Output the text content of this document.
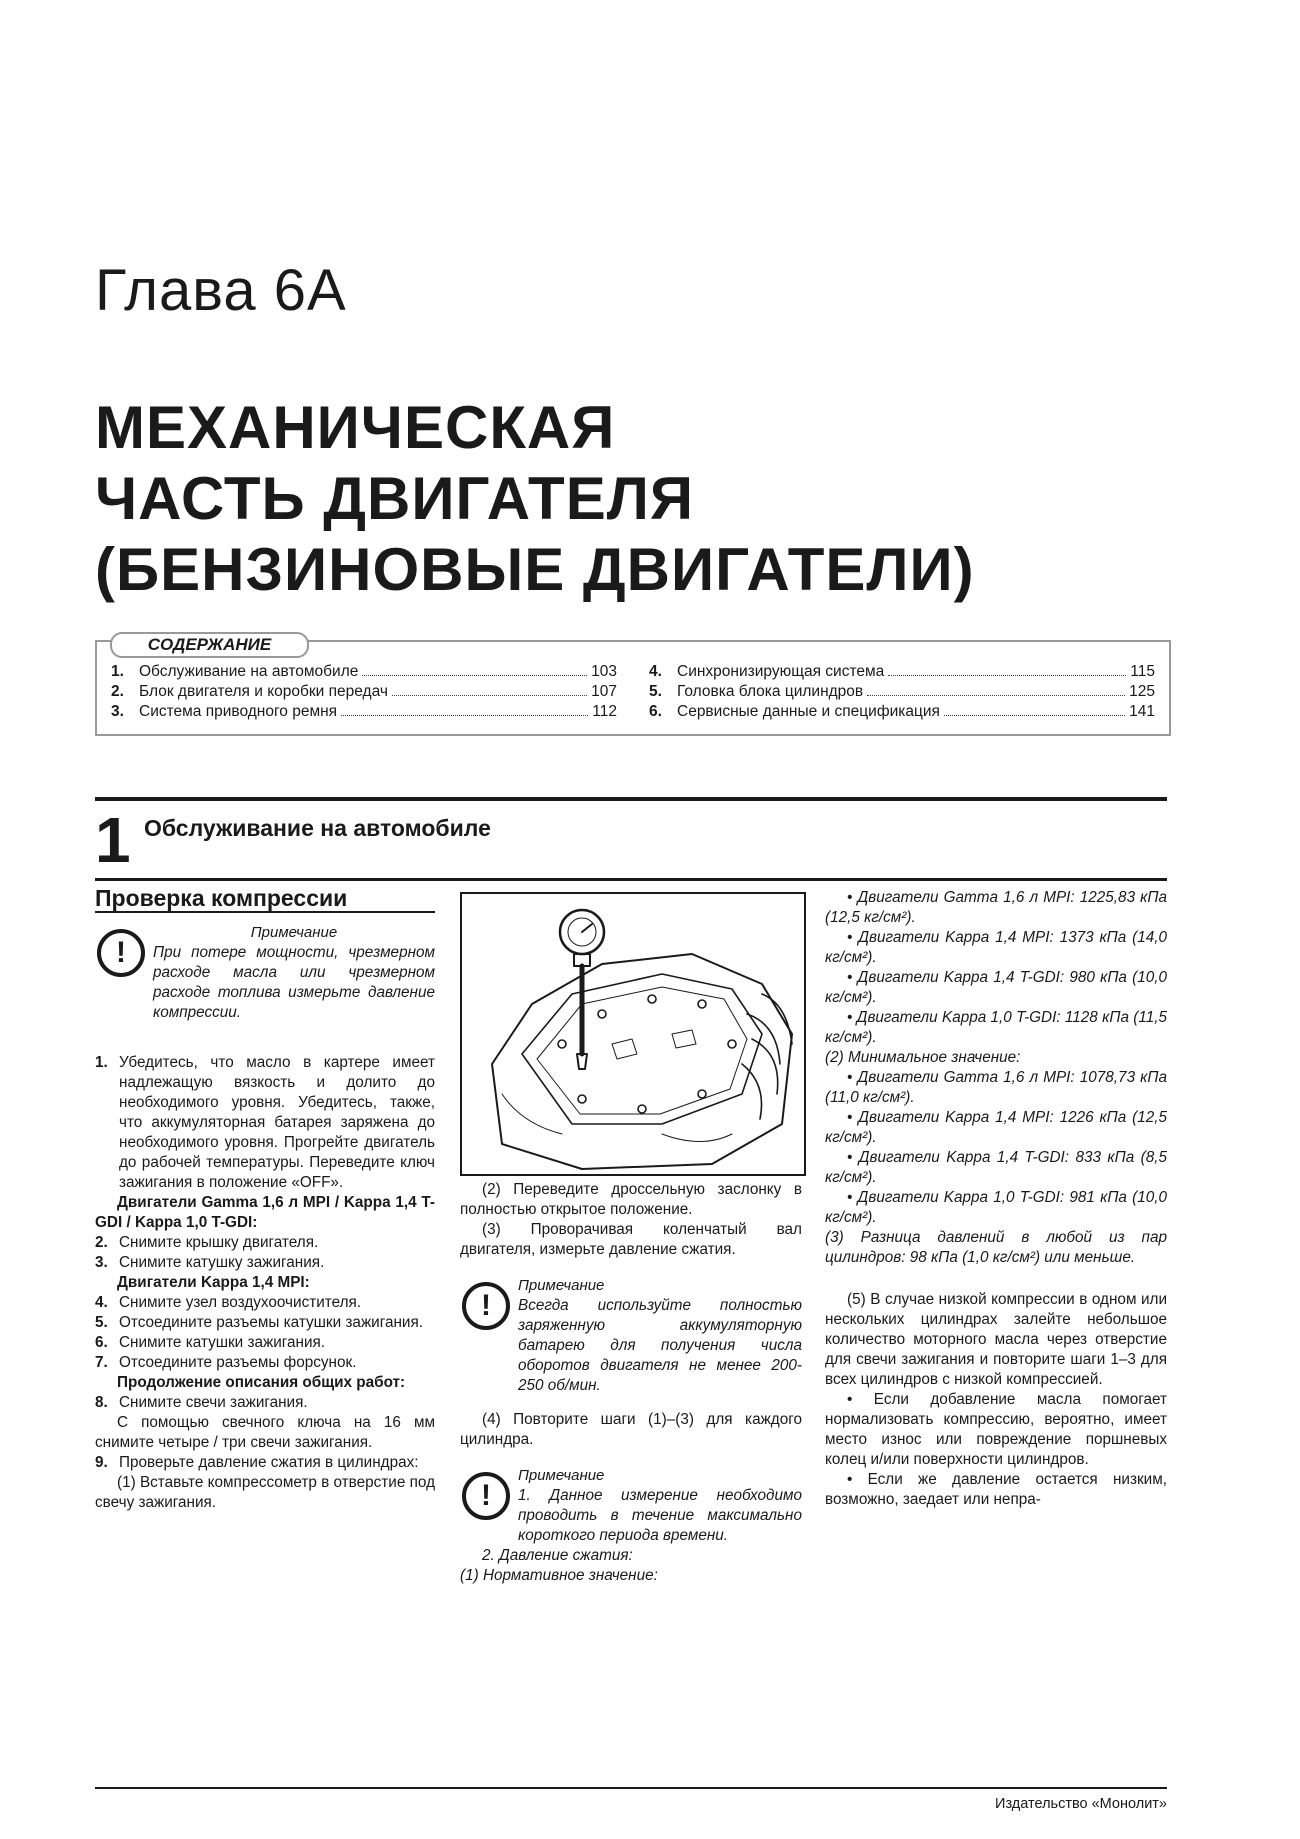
Глава 6А
МЕХАНИЧЕСКАЯ
ЧАСТЬ ДВИГАТЕЛЯ
(БЕНЗИНОВЫЕ ДВИГАТЕЛИ)
1. Обслуживание на автомобиле	103
2. Блок двигателя и коробки передач	107
3. Система приводного ремня	112
4. Синхронизирующая система	115
5. Головка блока цилиндров	125
6. Сервисные данные и спецификация	141
СОДЕРЖАНИЕ
1 Обслуживание на автомобиле

Проверка компрессии

!

Примечание

При потере мощности, чрезмерном расходе масла или чрезмерном расходе топлива измерьте давление компрессии.

1. Убедитесь, что масло в картере имеет надлежащую вязкость и долито до необходимого уровня. Убедитесь, также, что аккумуляторная батарея заряжена до необходимого уровня. Прогрейте двигатель до рабочей температуры. Переведите ключ зажигания в положение «OFF».

Двигатели Gamma 1,6 л MPI / Kappa 1,4 T-GDI / Kappa 1,0 T-GDI:

2. Снимите крышку двигателя.
3. Снимите катушку зажигания.

Двигатели Kappa 1,4 MPI:

4. Снимите узел воздухоочистителя.
5. Отсоедините разъемы катушки зажигания.
6. Снимите катушки зажигания.
7. Отсоедините разъемы форсунок.

Продолжение описания общих работ:

8. Снимите свечи зажигания.

С помощью свечного ключа на 16 мм снимите четыре / три свечи зажигания.

9. Проверьте давление сжатия в цилиндрах:

(1) Вставьте компрессометр в отверстие под свечу зажигания.

(2) Переведите дроссельную заслонку в полностью открытое положение.

(3) Проворачивая коленчатый вал двигателя, измерьте давление сжатия.

!

Примечание

Всегда используйте полностью заряженную аккумуляторную батарею для получения числа оборотов двигателя не менее 200-250 об/мин.

(4) Повторите шаги (1)–(3) для каждого цилиндра.

!

Примечание

1. Данное измерение необходимо проводить в течение максимально короткого периода времени.

2. Давление сжатия:

(1) Нормативное значение:

• Двигатели Gamma 1,6 л MPI: 1225,83 кПа (12,5 кг/см²).

• Двигатели Kappa 1,4 MPI: 1373 кПа (14,0 кг/см²).

• Двигатели Kappa 1,4 T-GDI: 980 кПа (10,0 кг/см²).

• Двигатели Kappa 1,0 T-GDI: 1128 кПа (11,5 кг/см²).

(2) Минимальное значение:

• Двигатели Gamma 1,6 л MPI: 1078,73 кПа (11,0 кг/см²).

• Двигатели Kappa 1,4 MPI: 1226 кПа (12,5 кг/см²).

• Двигатели Kappa 1,4 T-GDI: 833 кПа (8,5 кг/см²).

• Двигатели Kappa 1,0 T-GDI: 981 кПа (10,0 кг/см²).

(3) Разница давлений в любой из пар цилиндров: 98 кПа (1,0 кг/см²) или меньше.

(5) В случае низкой компрессии в одном или нескольких цилиндрах залейте небольшое количество моторного масла через отверстие для свечи зажигания и повторите шаги 1–3 для всех цилиндров с низкой компрессией.

• Если добавление масла помогает нормализовать компрессию, вероятно, имеет место износ или повреждение поршневых колец и/или поверхности цилиндров.

• Если же давление остается низким, возможно, заедает или непра-

Издательство «Монолит»
